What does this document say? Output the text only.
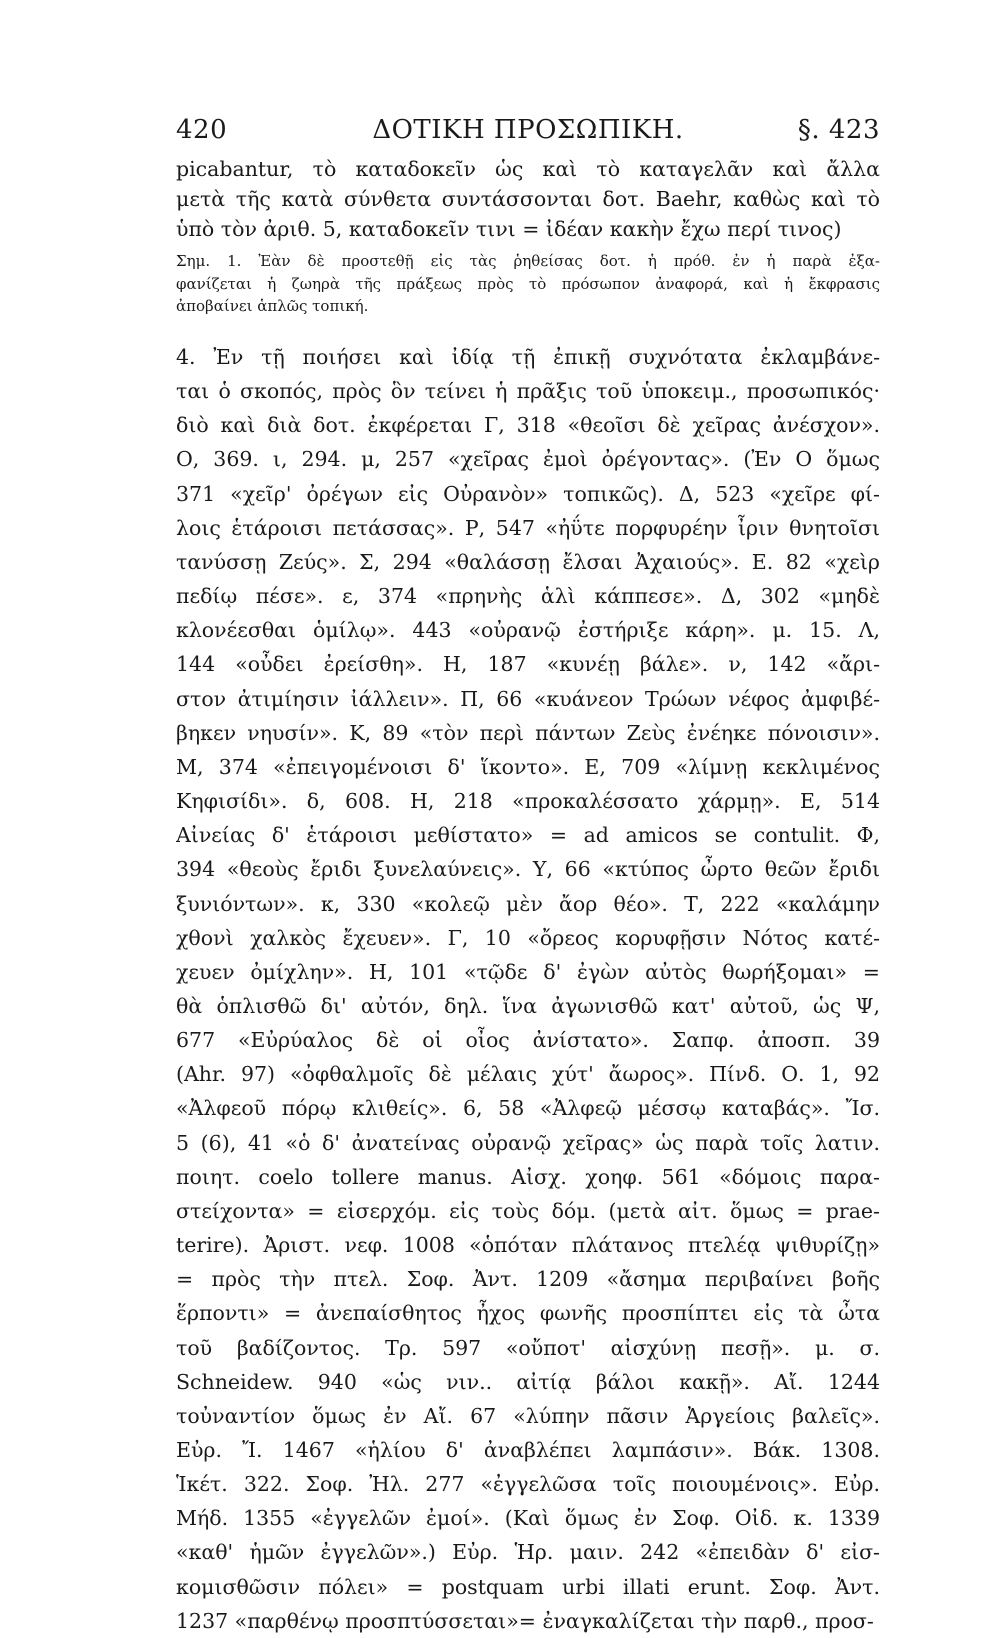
420	ΔΟΤΙΚΗ ΠΡΟΣΩΠΙΚΗ.	§. 423
picabantur, τὸ καταδοκεῖν ὡς καὶ τὸ καταγελᾶν καὶ ἄλλα
μετὰ τῆς κατὰ σύνθετα συντάσσονται δοτ. Baehr, καθὼς καὶ τὸ
ὑπὸ τὸν ἀριθ. 5, καταδοκεῖν τινι = ἰδέαν κακὴν ἔχω περί τινος)
Σημ. 1. Ἐὰν δὲ προστεθῇ εἰς τὰς ῥηθείσας δοτ. ἡ πρόθ. ἐν ἡ παρὰ ἐξα-
φανίζεται ἡ ζωηρὰ τῆς πράξεως πρὸς τὸ πρόσωπον ἀναφορά, καὶ ἡ ἔκφρασις
ἀποβαίνει ἁπλῶς τοπική.
4. Ἐν τῇ ποιήσει καὶ ἰδίᾳ τῇ ἐπικῇ συχνότατα ἐκλαμβάνε-
ται ὁ σκοπός, πρὸς ὃν τείνει ἡ πρᾶξις τοῦ ὑποκειμ., προσωπικός·
διὸ καὶ διὰ δοτ. ἐκφέρεται Γ, 318 «θεοῖσι δὲ χεῖρας ἀνέσχον».
Ο, 369. ι, 294. μ, 257 «χεῖρας ἐμοὶ ὀρέγοντας». (Ἐν Ο ὅμως
371 «χεῖρ' ὀρέγων εἰς Οὐρανὸν» τοπικῶς). Δ, 523 «χεῖρε φί-
λοις ἑτάροισι πετάσσας». Ρ, 547 «ἠΰτε πορφυρέην ἶριν θνητοῖσι
τανύσσῃ Ζεύς». Σ, 294 «θαλάσσῃ ἔλσαι Ἀχαιούς». Ε. 82 «χεὶρ
πεδίῳ πέσε». ε, 374 «πρηνὴς ἁλὶ κάππεσε». Δ, 302 «μηδὲ
κλονέεσθαι ὁμίλῳ». 443 «οὐρανῷ ἐστήριξε κάρη». μ. 15. Λ,
144 «οὖδει ἐρείσθη». Η, 187 «κυνέῃ βάλε». ν, 142 «ἄρι-
στον ἀτιμίησιν ἰάλλειν». Π, 66 «κυάνεον Τρώων νέφος ἀμφιβέ-
βηκεν νηυσίν». Κ, 89 «τὸν περὶ πάντων Ζεὺς ἐνέηκε πόνοισιν».
Μ, 374 «ἐπειγομένοισι δ' ἵκοντο». Ε, 709 «λίμνῃ κεκλιμένος
Κηφισίδι». δ, 608. Η, 218 «προκαλέσσατο χάρμῃ». Ε, 514
Αἰνείας δ' ἑτάροισι μεθίστατο» = ad amicos se contulit. Φ,
394 «θεοὺς ἔριδι ξυνελαύνεις». Υ, 66 «κτύπος ὦρτο θεῶν ἔριδι
ξυνιόντων». κ, 330 «κολεῷ μὲν ἄορ θέο». Τ, 222 «καλάμην
χθονὶ χαλκὸς ἔχευεν». Γ, 10 «ὄρεος κορυφῇσιν Νότος κατέ-
χευεν ὀμίχλην». Η, 101 «τῷδε δ' ἐγὼν αὐτὸς θωρήξομαι» =
θὰ ὁπλισθῶ δι' αὐτόν, δηλ. ἵνα ἀγωνισθῶ κατ' αὐτοῦ, ὡς Ψ,
677 «Εὐρύαλος δὲ οἱ οἶος ἀνίστατο». Σαπφ. ἀποσπ. 39
(Ahr. 97) «ὀφθαλμοῖς δὲ μέλαις χύτ' ἄωρος». Πίνδ. Ο. 1, 92
«Ἀλφεοῦ πόρῳ κλιθείς». 6, 58 «Ἀλφεῷ μέσσῳ καταβάς». Ἴσ.
5 (6), 41 «ὁ δ' ἀνατείνας οὐρανῷ χεῖρας» ὡς παρὰ τοῖς λατιν.
ποιητ. coelo tollere manus. Αἰσχ. χοηφ. 561 «δόμοις παρα-
στείχοντα» = εἰσερχόμ. εἰς τοὺς δόμ. (μετὰ αἰτ. ὅμως = prae-
terire). Ἀριστ. νεφ. 1008 «ὁπόταν πλάτανος πτελέᾳ ψιθυρίζῃ»
= πρὸς τὴν πτελ. Σοφ. Ἀντ. 1209 «ἄσημα περιβαίνει βοῆς
ἕρποντι» = ἀνεπαίσθητος ἦχος φωνῆς προσπίπτει εἰς τὰ ὦτα
τοῦ βαδίζοντος. Τρ. 597 «οὔποτ' αἰσχύνῃ πεσῇ». μ. σ.
Schneidew. 940 «ὡς νιν.. αἰτίᾳ βάλοι κακῇ». Αἴ. 1244
τοὐναντίον ὅμως ἐν Αἴ. 67 «λύπην πᾶσιν Ἀργείοις βαλεῖς».
Εὐρ. Ἴ. 1467 «ἡλίου δ' ἀναβλέπει λαμπάσιν». Βάκ. 1308.
Ἱκέτ. 322. Σοφ. Ἠλ. 277 «ἐγγελῶσα τοῖς ποιουμένοις». Εὐρ.
Μήδ. 1355 «ἐγγελῶν ἐμοί». (Καὶ ὅμως ἐν Σοφ. Οἰδ. κ. 1339
«καθ' ἡμῶν ἐγγελῶν».) Εὐρ. Ἡρ. μαιν. 242 «ἐπειδὰν δ' εἰσ-
κομισθῶσιν πόλει» = postquam urbi illati erunt. Σοφ. Ἀντ.
1237 «παρθένῳ προσπτύσσεται»= ἐναγκαλίζεται τὴν παρθ., προσ-
